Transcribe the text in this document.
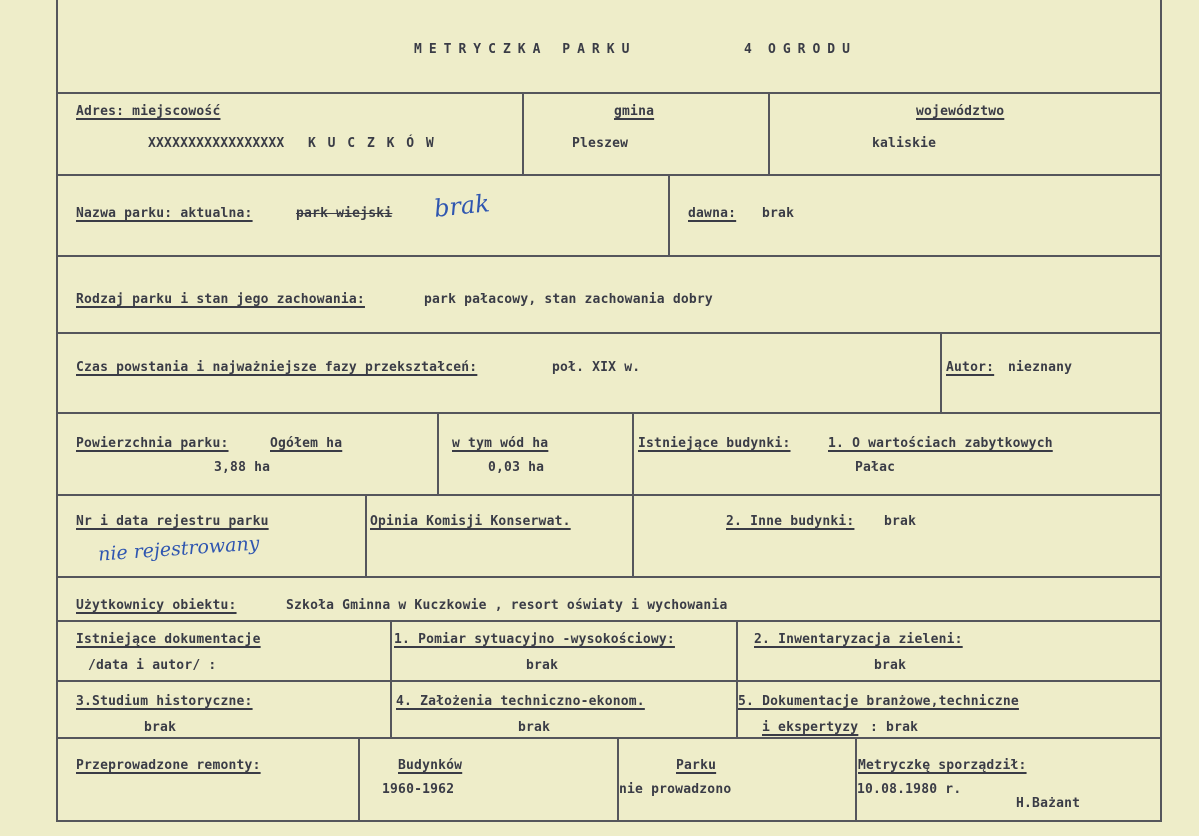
METRYCZKA PARKU	4 OGRODU
Adres: miejscowość
XXXXXXXXXXXXXXXXX K U C Z K Ó W
gmina
Pleszew
województwo
kaliskie
Nazwa parku: aktualna:	park wiejski brak	dawna: brak
Rodzaj parku i stan jego zachowania:	park pałacowy, stan zachowania dobry
Czas powstania i najważniejsze fazy przekształceń:	poł. XIX w.	Autor: nieznany
Powierzchnia parku:	Ogółem ha
3,88 ha
w tym wód ha
0,03 ha
Istniejące budynki:	1. O wartościach zabytkowych
Pałac
Nr i data rejestru parku
nie rejestrowany
Opinia Komisji Konserwat.	2. Inne budynki: brak
Użytkownicy obiektu:	Szkoła Gminna w Kuczkowie , resort oświaty i wychowania
Istniejące dokumentacje
/data i autor/ :
1. Pomiar sytuacyjno -wysokościowy:
brak
2. Inwentaryzacja zieleni:
brak
3.Studium historyczne:
brak
4. Założenia techniczno-ekonom.
brak
5. Dokumentacje branżowe,techniczne
i ekspertyzy : brak
Przeprowadzone remonty:	Budynków
1960-1962
Parku
nie prowadzono
Metryczkę sporządził:
10.08.1980 r.
H.Bażant
